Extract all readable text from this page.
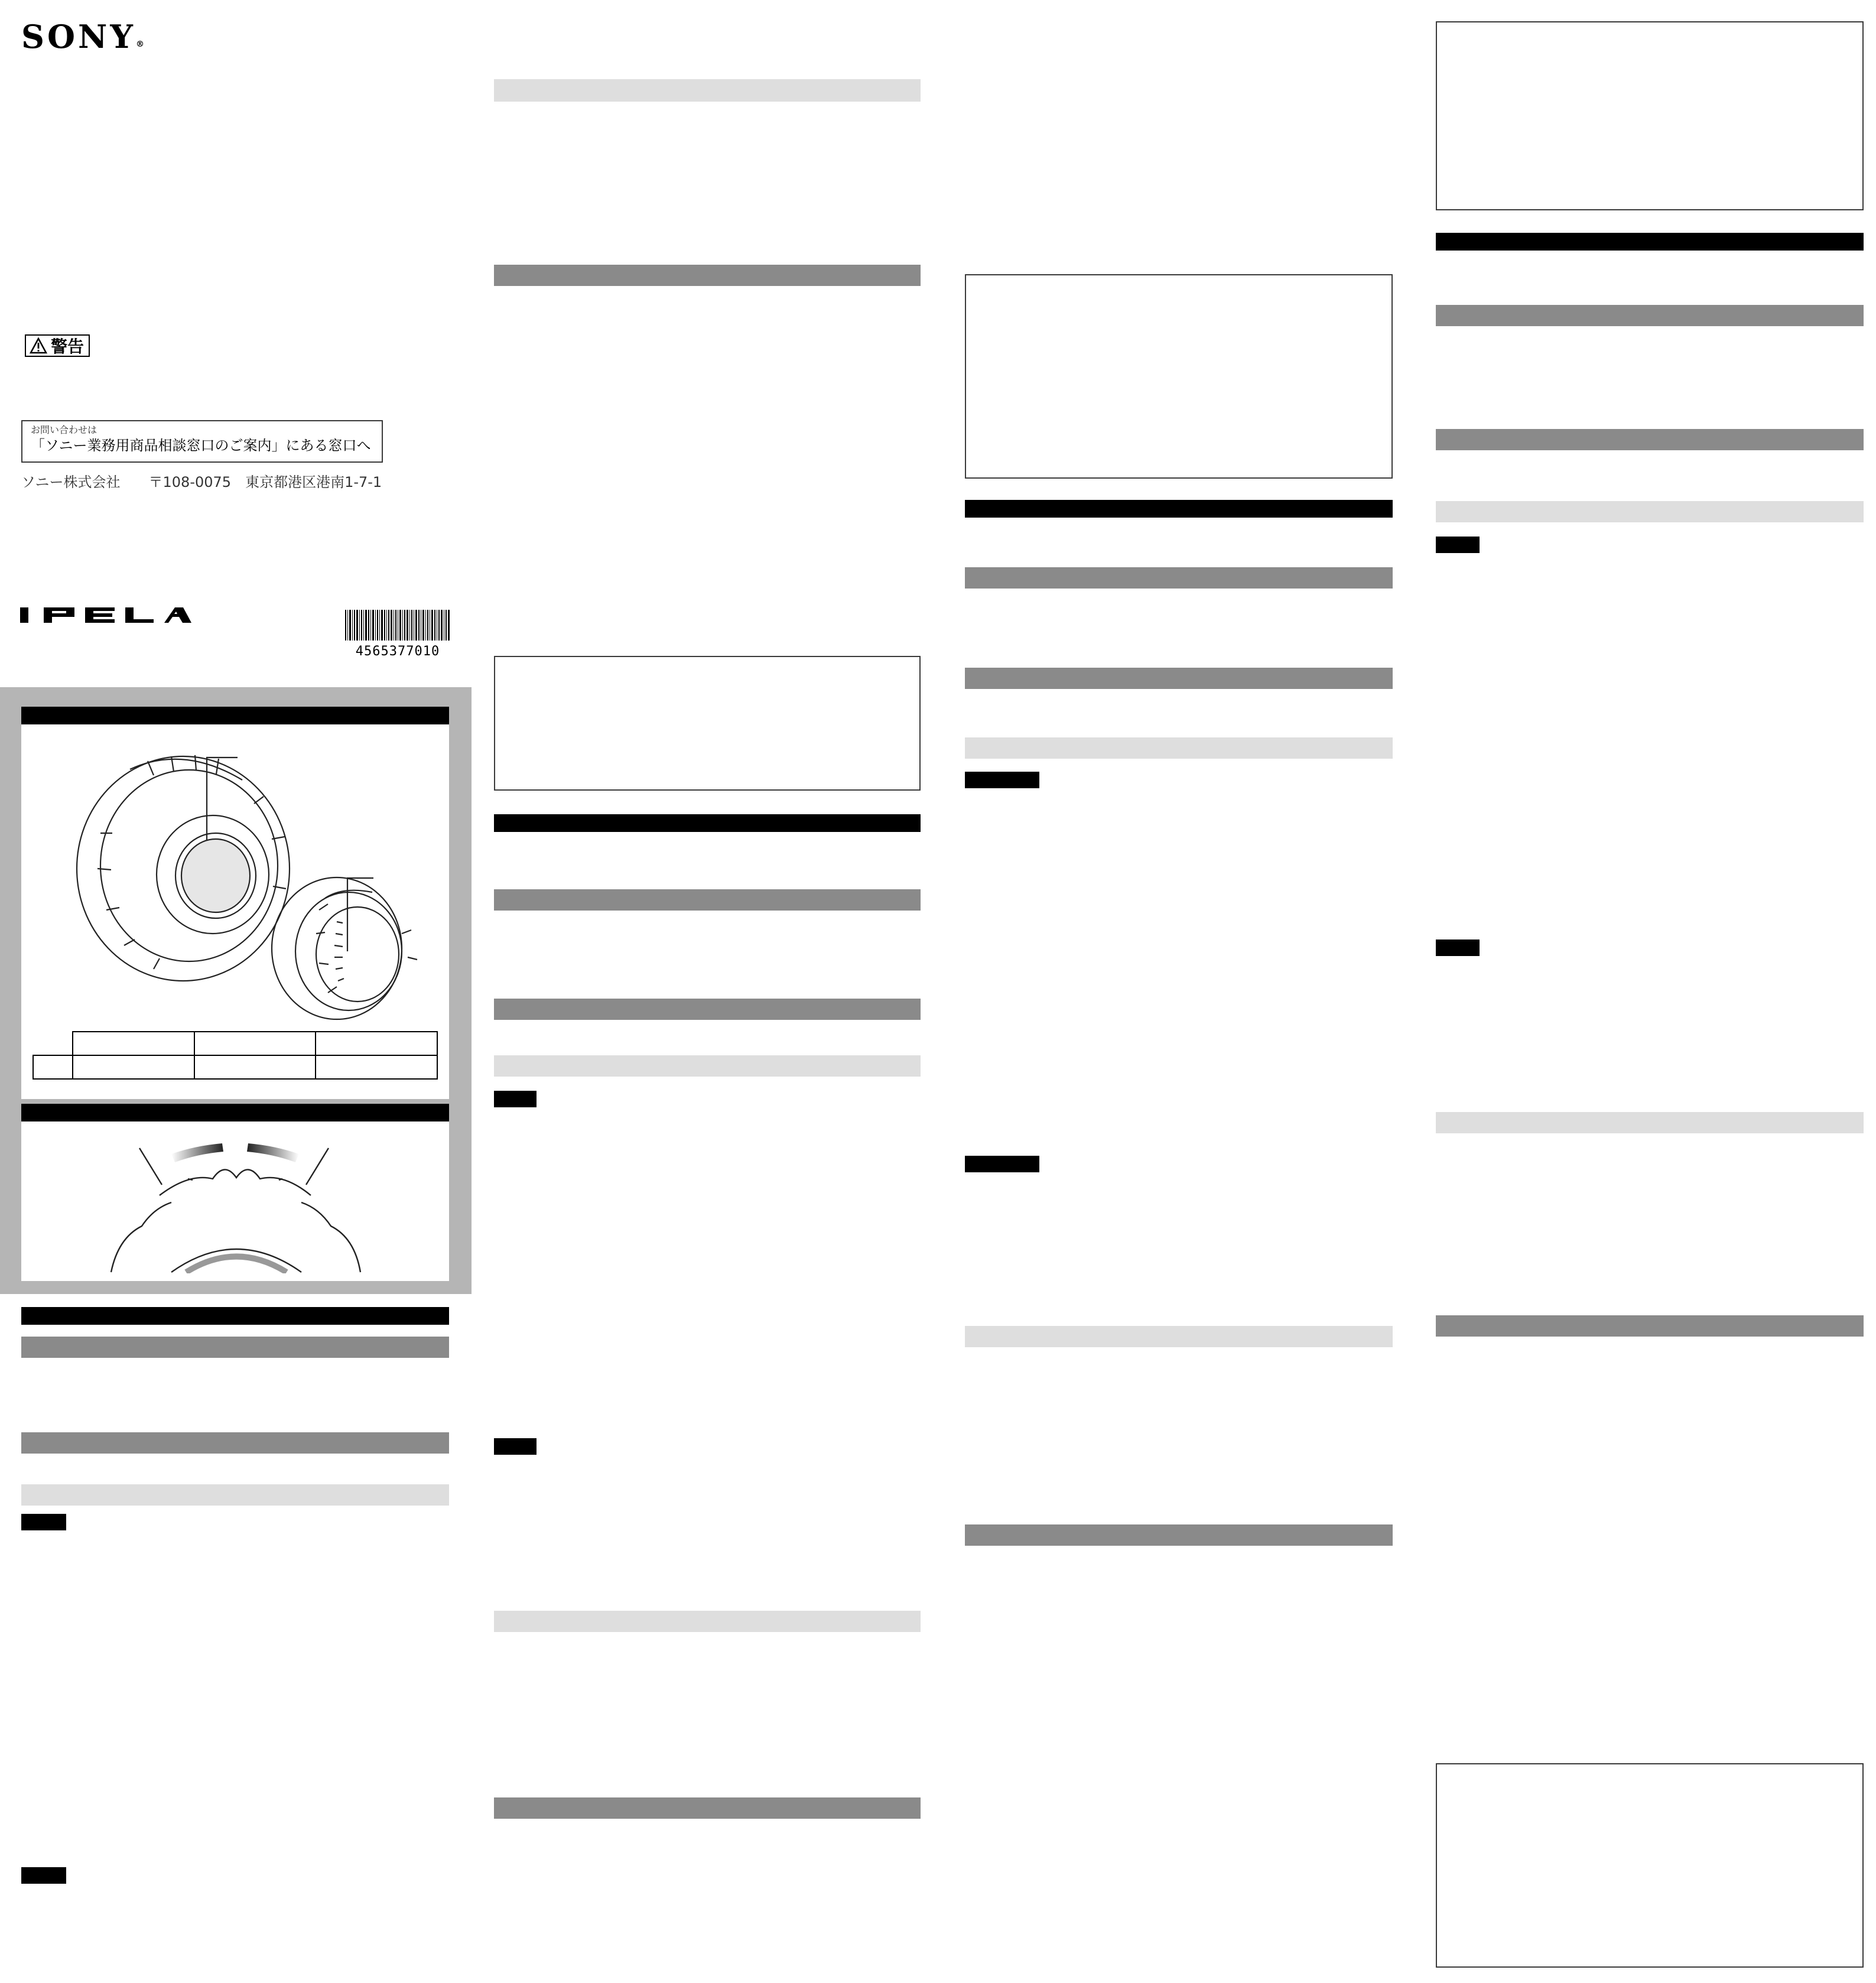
SONY®
警告
お問い合わせは
「ソニー業務用商品相談窓口のご案内」にある窓口へ
ソニー株式会社　　〒108-0075　東京都港区港南1-7-1
4565377010
